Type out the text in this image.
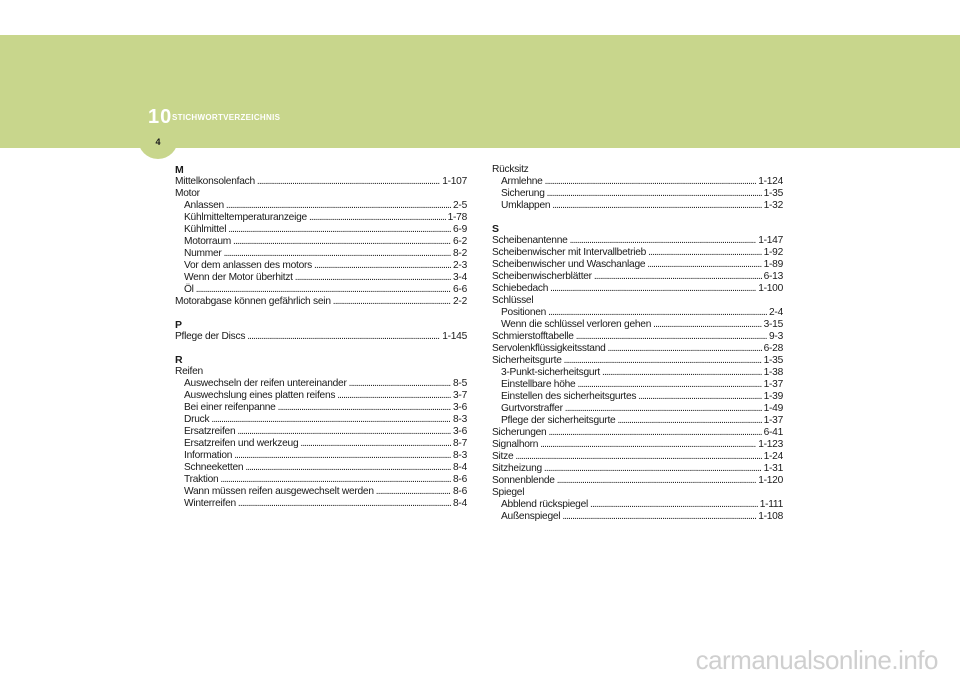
10 STICHWORTVERZEICHNIS
4
M
Mittelkonsolenfach . . .	1-107
Motor
Anlassen . . .	2-5
Kühlmitteltemperaturanzeige . . .	1-78
Kühlmittel . . .	6-9
Motorraum . . .	6-2
Nummer . . .	8-2
Vor dem anlassen des motors . . .	2-3
Wenn der Motor überhitzt . . .	3-4
Öl . . .	6-6
Motorabgase können gefährlich sein . . .	2-2
P
Pflege der Discs . . .	1-145
R
Reifen
Auswechseln der reifen untereinander . . .	8-5
Auswechslung eines platten reifens . . .	3-7
Bei einer reifenpanne . . .	3-6
Druck . . .	8-3
Ersatzreifen . . .	3-6
Ersatzreifen und werkzeug . . .	8-7
Information . . .	8-3
Schneeketten . . .	8-4
Traktion . . .	8-6
Wann müssen reifen ausgewechselt werden . . .	8-6
Winterreifen . . .	8-4
Rücksitz
Armlehne . . .	1-124
Sicherung . . .	1-35
Umklappen . . .	1-32
S
Scheibenantenne . . .	1-147
Scheibenwischer mit Intervallbetrieb . . .	1-92
Scheibenwischer und Waschanlage . . .	1-89
Scheibenwischerblätter . . .	6-13
Schiebedach . . .	1-100
Schlüssel
Positionen . . .	2-4
Wenn die schlüssel verloren gehen . . .	3-15
Schmierstofftabelle . . .	9-3
Servolenkflüssigkeitsstand . . .	6-28
Sicherheitsgurte . . .	1-35
3-Punkt-sicherheitsgurt . . .	1-38
Einstellbare höhe . . .	1-37
Einstellen des sicherheitsgurtes . . .	1-39
Gurtvorstraffer . . .	1-49
Pflege der sicherheitsgurte . . .	1-37
Sicherungen . . .	6-41
Signalhorn . . .	1-123
Sitze . . .	1-24
Sitzheizung . . .	1-31
Sonnenblende . . .	1-120
Spiegel
Abblend rückspiegel . . .	1-111
Außenspiegel . . .	1-108
carmanualsonline.info
